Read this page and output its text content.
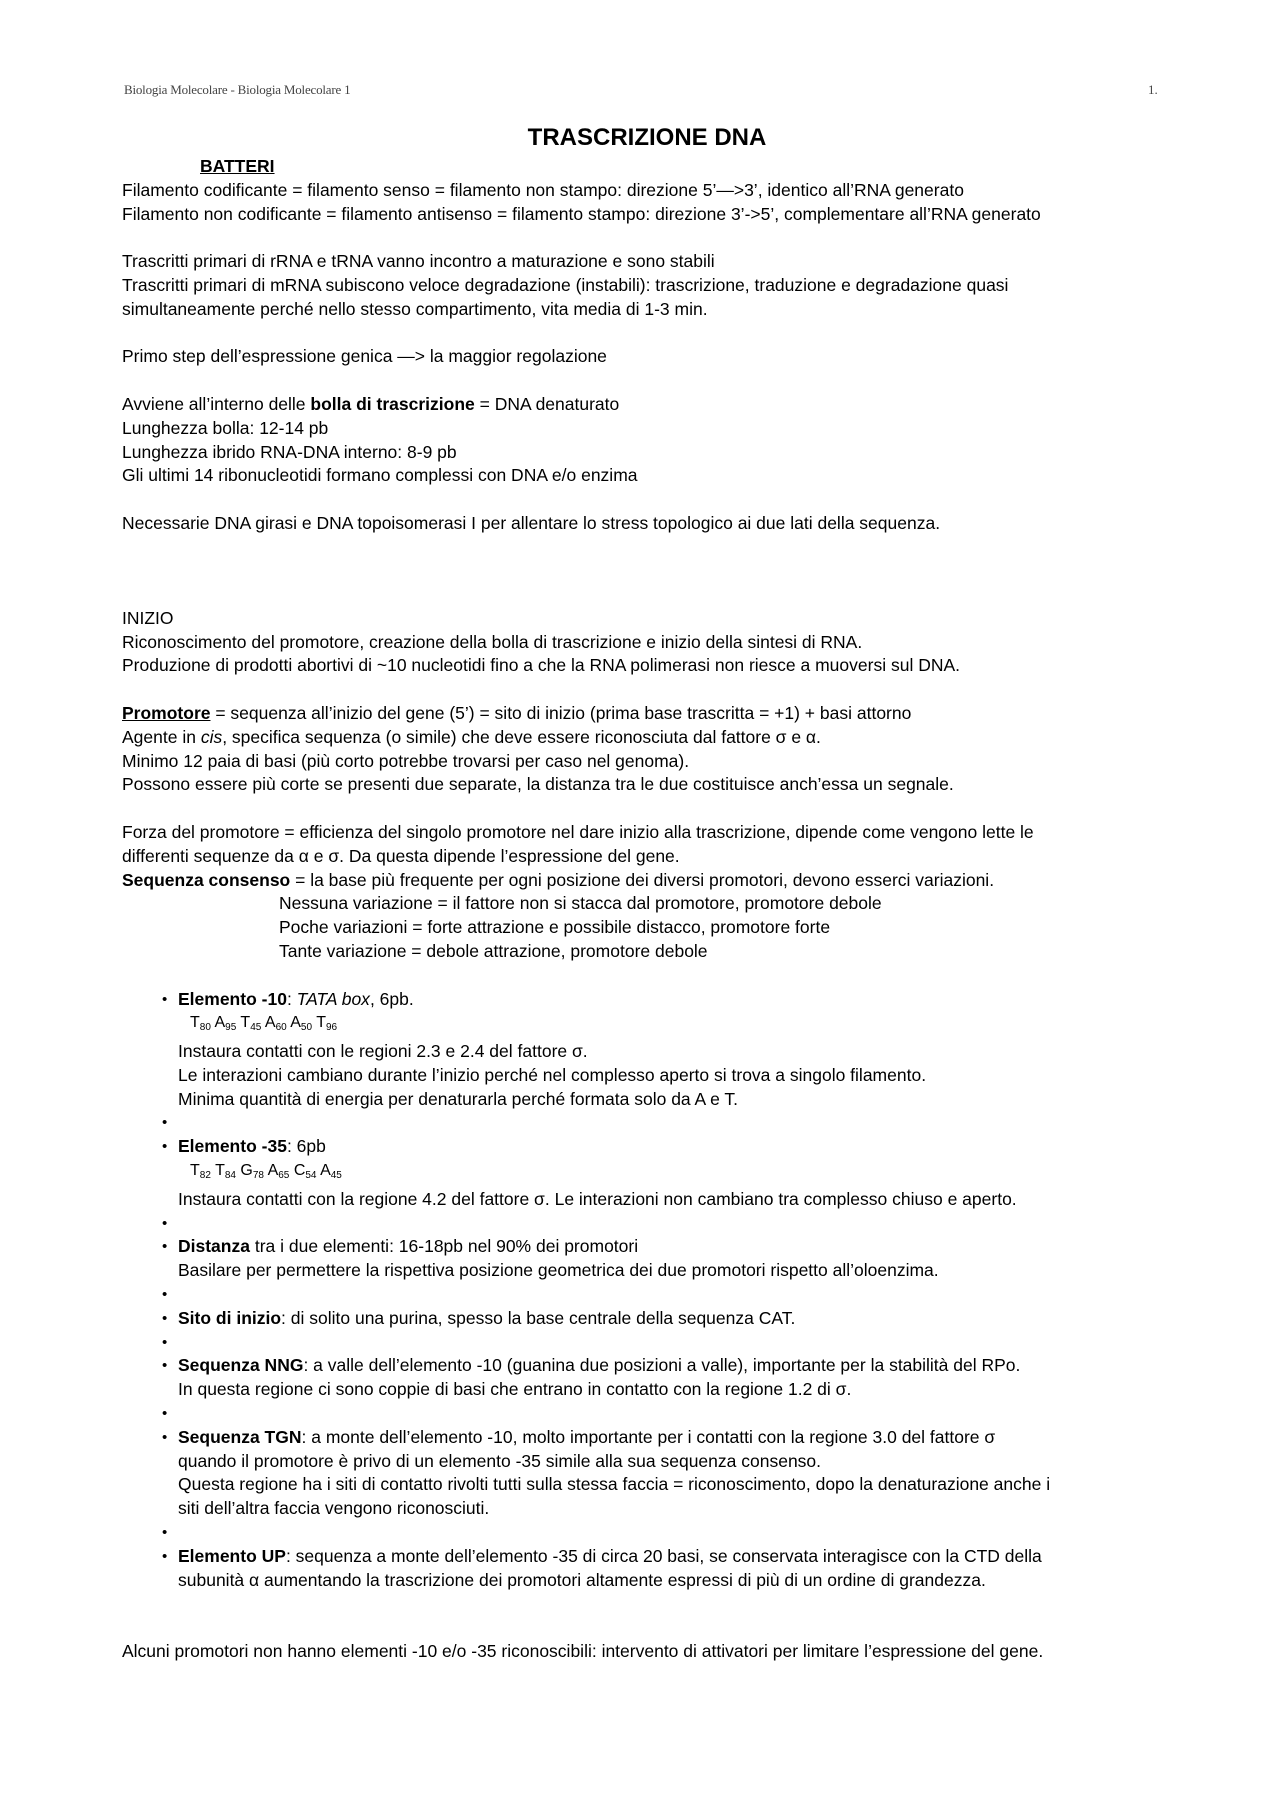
Biologia Molecolare - Biologia Molecolare 1	1.
TRASCRIZIONE DNA

BATTERI

Filamento codificante = filamento senso = filamento non stampo: direzione 5’—>3’, identico all’RNA generato

Filamento non codificante = filamento antisenso = filamento stampo: direzione 3’->5’, complementare all’RNA generato

Trascritti primari di rRNA e tRNA vanno incontro a maturazione e sono stabili

Trascritti primari di mRNA subiscono veloce degradazione (instabili): trascrizione, traduzione e degradazione quasi

simultaneamente perché nello stesso compartimento, vita media di 1-3 min.

Primo step dell’espressione genica —> la maggior regolazione

Avviene all’interno delle bolla di trascrizione = DNA denaturato

Lunghezza bolla: 12-14 pb

Lunghezza ibrido RNA-DNA interno: 8-9 pb

Gli ultimi 14 ribonucleotidi formano complessi con DNA e/o enzima

Necessarie DNA girasi e DNA topoisomerasi I per allentare lo stress topologico ai due lati della sequenza.

INIZIO

Riconoscimento del promotore, creazione della bolla di trascrizione e inizio della sintesi di RNA.

Produzione di prodotti abortivi di ~10 nucleotidi fino a che la RNA polimerasi non riesce a muoversi sul DNA.

Promotore = sequenza all’inizio del gene (5’) = sito di inizio (prima base trascritta = +1) + basi attorno

Agente in cis, specifica sequenza (o simile) che deve essere riconosciuta dal fattore σ e α.

Minimo 12 paia di basi (più corto potrebbe trovarsi per caso nel genoma).

Possono essere più corte se presenti due separate, la distanza tra le due costituisce anch’essa un segnale.

Forza del promotore = efficienza del singolo promotore nel dare inizio alla trascrizione, dipende come vengono lette le

differenti sequenze da α e σ. Da questa dipende l’espressione del gene.

Sequenza consenso = la base più frequente per ogni posizione dei diversi promotori, devono esserci variazioni.

Nessuna variazione = il fattore non si stacca dal promotore, promotore debole

Poche variazioni = forte attrazione e possibile distacco, promotore forte

Tante variazione = debole attrazione, promotore debole

• Elemento -10: TATA box, 6pb.

$T_{80}$ $A_{95}$ $T_{45}$ $A_{60}$ $A_{50}$ $T_{96}$

Instaura contatti con le regioni 2.3 e 2.4 del fattore σ.

Le interazioni cambiano durante l’inizio perché nel complesso aperto si trova a singolo filamento.

Minima quantità di energia per denaturarla perché formata solo da A e T.

•

• Elemento -35: 6pb

$T_{82}$ $T_{84}$ $G_{78}$ $A_{65}$ $C_{54}$ $A_{45}$

Instaura contatti con la regione 4.2 del fattore σ. Le interazioni non cambiano tra complesso chiuso e aperto.

•

• Distanza tra i due elementi: 16-18pb nel 90% dei promotori

Basilare per permettere la rispettiva posizione geometrica dei due promotori rispetto all’oloenzima.

•

• Sito di inizio: di solito una purina, spesso la base centrale della sequenza CAT.

•

• Sequenza NNG: a valle dell’elemento -10 (guanina due posizioni a valle), importante per la stabilità del RPo.

In questa regione ci sono coppie di basi che entrano in contatto con la regione 1.2 di σ.

•

• Sequenza TGN: a monte dell’elemento -10, molto importante per i contatti con la regione 3.0 del fattore σ

quando il promotore è privo di un elemento -35 simile alla sua sequenza consenso.

Questa regione ha i siti di contatto rivolti tutti sulla stessa faccia = riconoscimento, dopo la denaturazione anche i

siti dell’altra faccia vengono riconosciuti.

•

• Elemento UP: sequenza a monte dell’elemento -35 di circa 20 basi, se conservata interagisce con la CTD della

subunità α aumentando la trascrizione dei promotori altamente espressi di più di un ordine di grandezza.

Alcuni promotori non hanno elementi -10 e/o -35 riconoscibili: intervento di attivatori per limitare l’espressione del gene.
